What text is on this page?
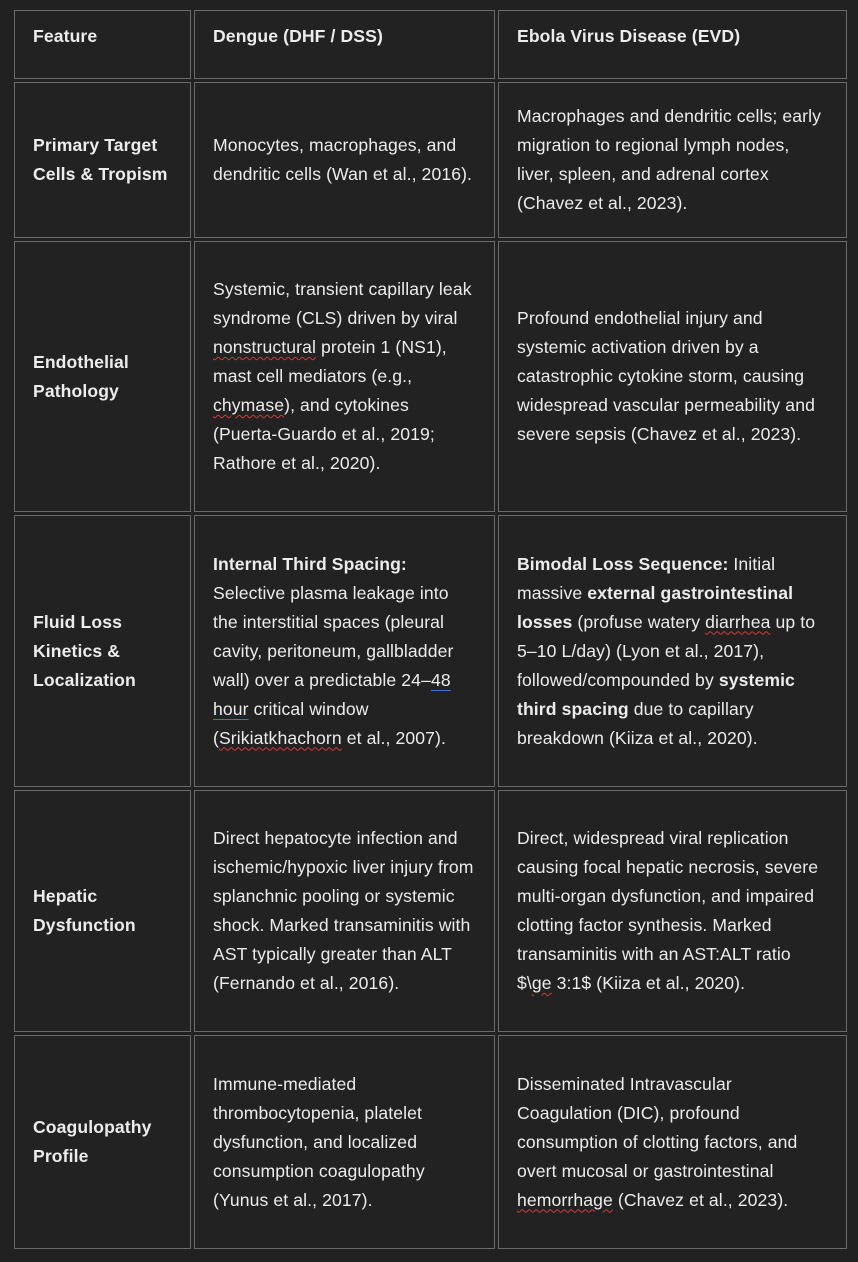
Feature	Dengue (DHF / DSS)	Ebola Virus Disease (EVD)
Primary Target Cells & Tropism
Monocytes, macrophages, and dendritic cells (Wan et al., 2016).
Macrophages and dendritic cells; early migration to regional lymph nodes, liver, spleen, and adrenal cortex (Chavez et al., 2023).
Endothelial Pathology
Systemic, transient capillary leak syndrome (CLS) driven by viral nonstructural protein 1 (NS1), mast cell mediators (e.g., chymase), and cytokines (Puerta-Guardo et al., 2019; Rathore et al., 2020).
Profound endothelial injury and systemic activation driven by a catastrophic cytokine storm, causing widespread vascular permeability and severe sepsis (Chavez et al., 2023).
Fluid Loss Kinetics & Localization
Internal Third Spacing: Selective plasma leakage into the interstitial spaces (pleural cavity, peritoneum, gallbladder wall) over a predictable 24–48 hour critical window (Srikiatkhachorn et al., 2007).
Bimodal Loss Sequence: Initial massive external gastrointestinal losses (profuse watery diarrhea up to 5–10 L/day) (Lyon et al., 2017), followed/compounded by systemic third spacing due to capillary breakdown (Kiiza et al., 2020).
Hepatic Dysfunction
Direct hepatocyte infection and ischemic/hypoxic liver injury from splanchnic pooling or systemic shock. Marked transaminitis with AST typically greater than ALT (Fernando et al., 2016).
Direct, widespread viral replication causing focal hepatic necrosis, severe multi-organ dysfunction, and impaired clotting factor synthesis. Marked transaminitis with an AST:ALT ratio $\ge 3:1$ (Kiiza et al., 2020).
Coagulopathy Profile
Immune-mediated thrombocytopenia, platelet dysfunction, and localized consumption coagulopathy (Yunus et al., 2017).
Disseminated Intravascular Coagulation (DIC), profound consumption of clotting factors, and overt mucosal or gastrointestinal hemorrhage (Chavez et al., 2023).
